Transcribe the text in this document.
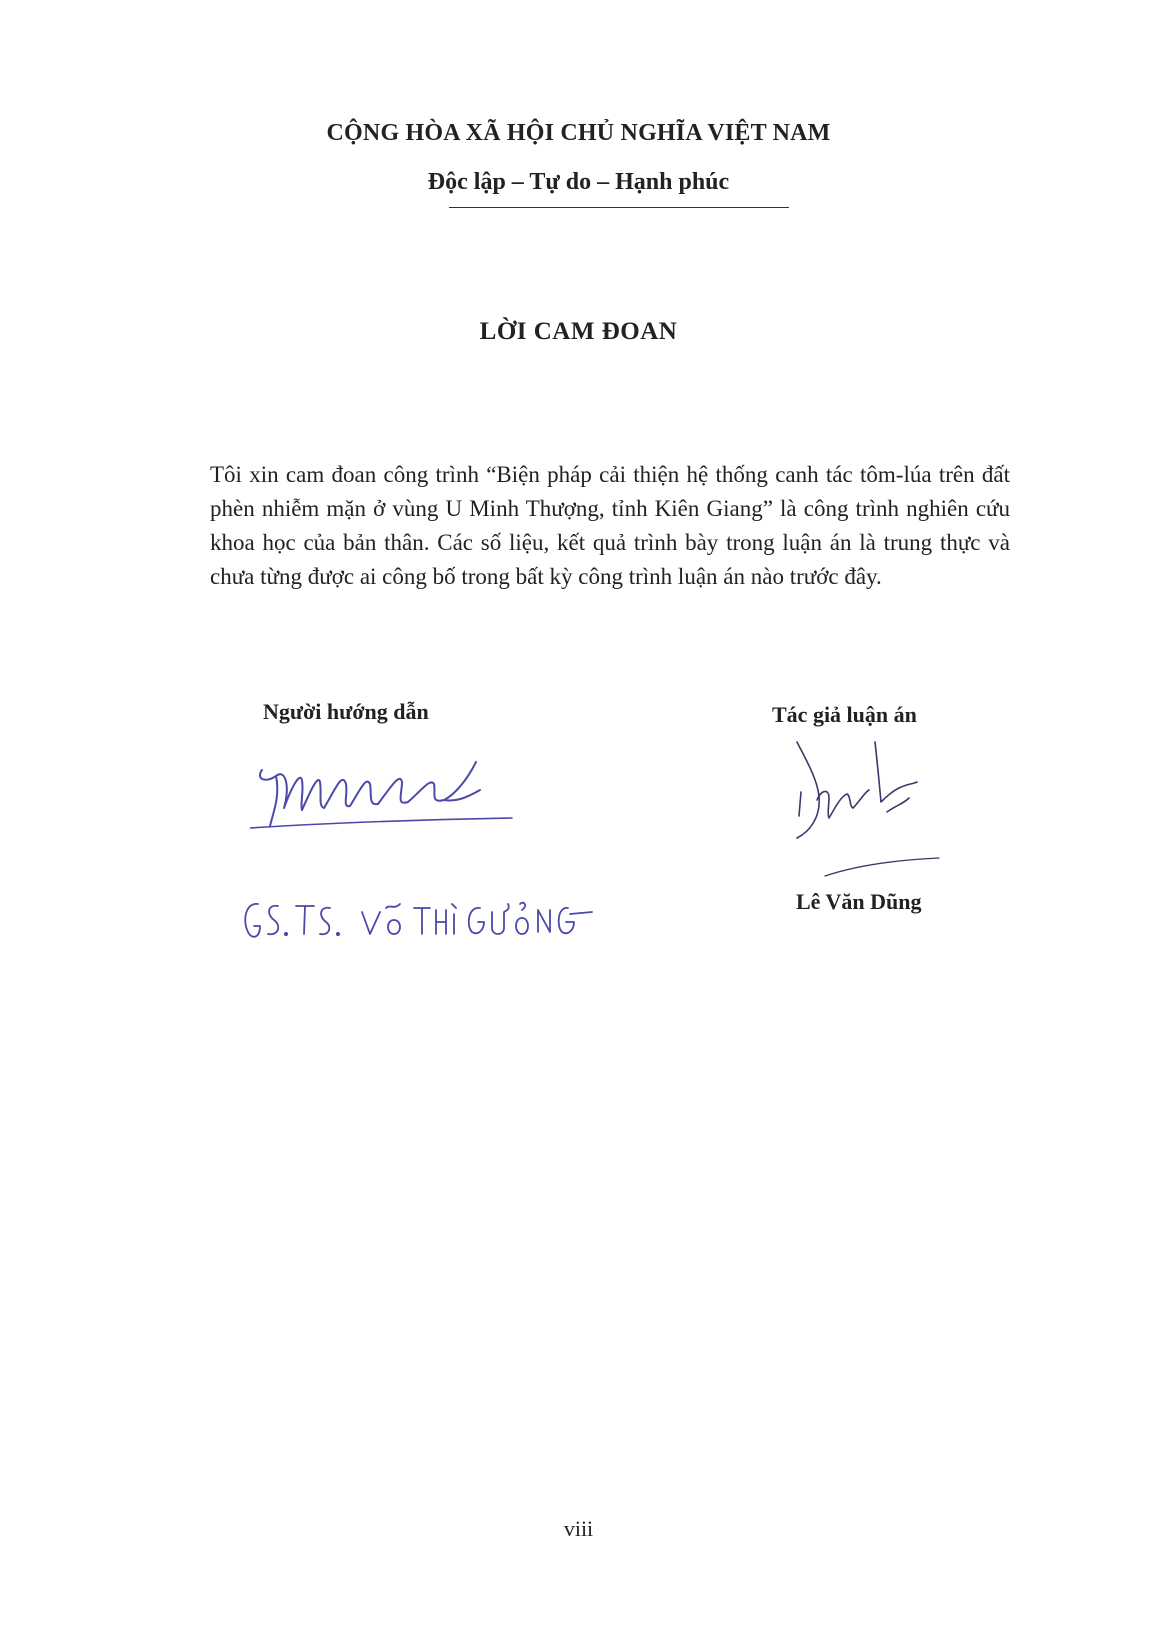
CỘNG HÒA XÃ HỘI CHỦ NGHĨA VIỆT NAM
Độc lập – Tự do – Hạnh phúc
LỜI CAM ĐOAN
Tôi xin cam đoan công trình “Biện pháp cải thiện hệ thống canh tác tôm-lúa trên đất phèn nhiễm mặn ở vùng U Minh Thượng, tỉnh Kiên Giang” là công trình nghiên cứu khoa học của bản thân. Các số liệu, kết quả trình bày trong luận án là trung thực và chưa từng được ai công bố trong bất kỳ công trình luận án nào trước đây.
Người hướng dẫn	Tác giả luận án
Lê Văn Dũng
viii
